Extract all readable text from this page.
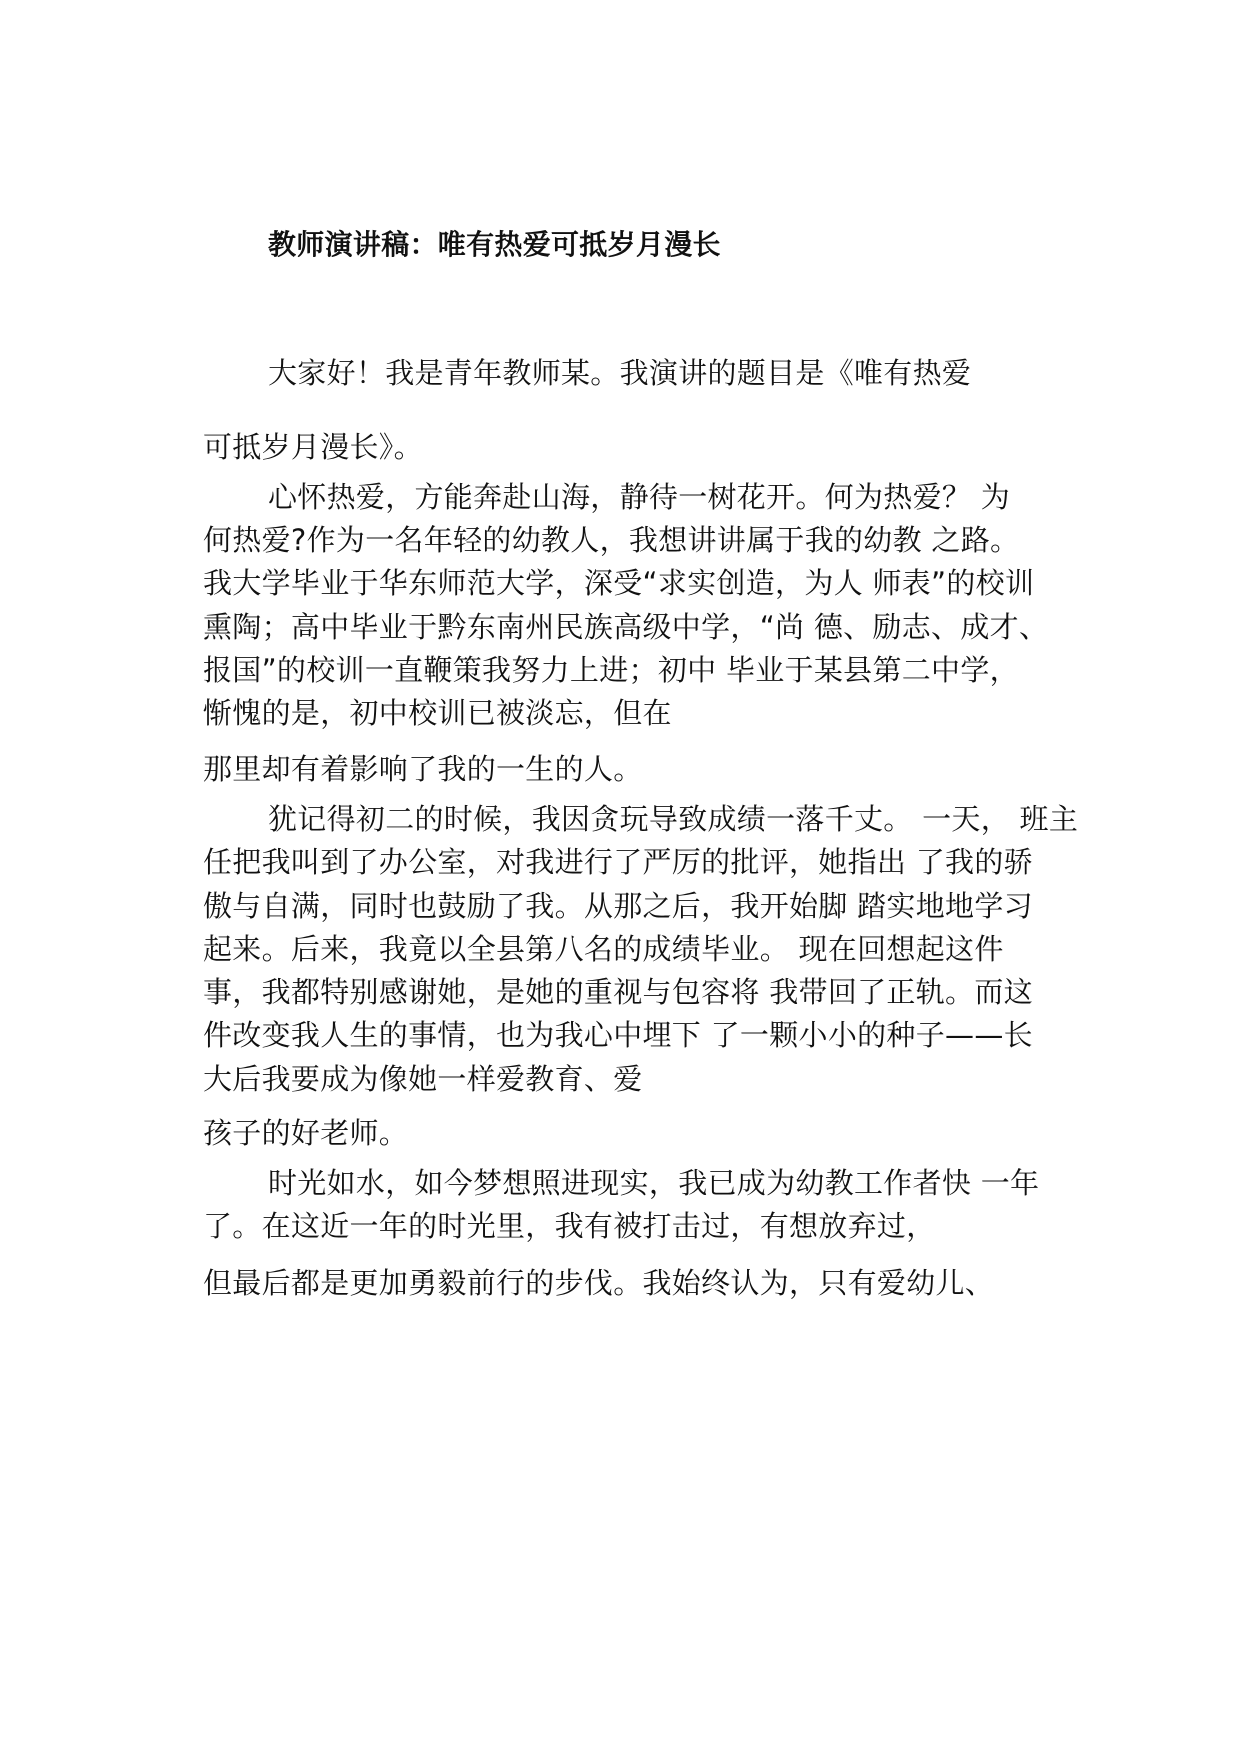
教师演讲稿：唯有热爱可抵岁月漫长

大家好！我是青年教师某。我演讲的题目是《唯有热爱

可抵岁月漫长》。

心怀热爱，方能奔赴山海，静待一树花开。何为热爱？ 为

何热爱?作为一名年轻的幼教人，我想讲讲属于我的幼教 之路。

我大学毕业于华东师范大学，深受“求实创造，为人 师表”的校训

熏陶；高中毕业于黔东南州民族高级中学，“尚 德、励志、成才、

报国”的校训一直鞭策我努力上进；初中 毕业于某县第二中学，

惭愧的是，初中校训已被淡忘，但在

那里却有着影响了我的一生的人。

犹记得初二的时候，我因贪玩导致成绩一落千丈。 一天， 班主

任把我叫到了办公室，对我进行了严厉的批评，她指出 了我的骄

傲与自满，同时也鼓励了我。从那之后，我开始脚 踏实地地学习

起来。后来，我竟以全县第八名的成绩毕业。 现在回想起这件

事，我都特别感谢她，是她的重视与包容将 我带回了正轨。而这

件改变我人生的事情，也为我心中埋下 了一颗小小的种子——长

大后我要成为像她一样爱教育、爱

孩子的好老师。

时光如水，如今梦想照进现实，我已成为幼教工作者快 一年

了。在这近一年的时光里，我有被打击过，有想放弃过，

但最后都是更加勇毅前行的步伐。我始终认为，只有爱幼儿、
